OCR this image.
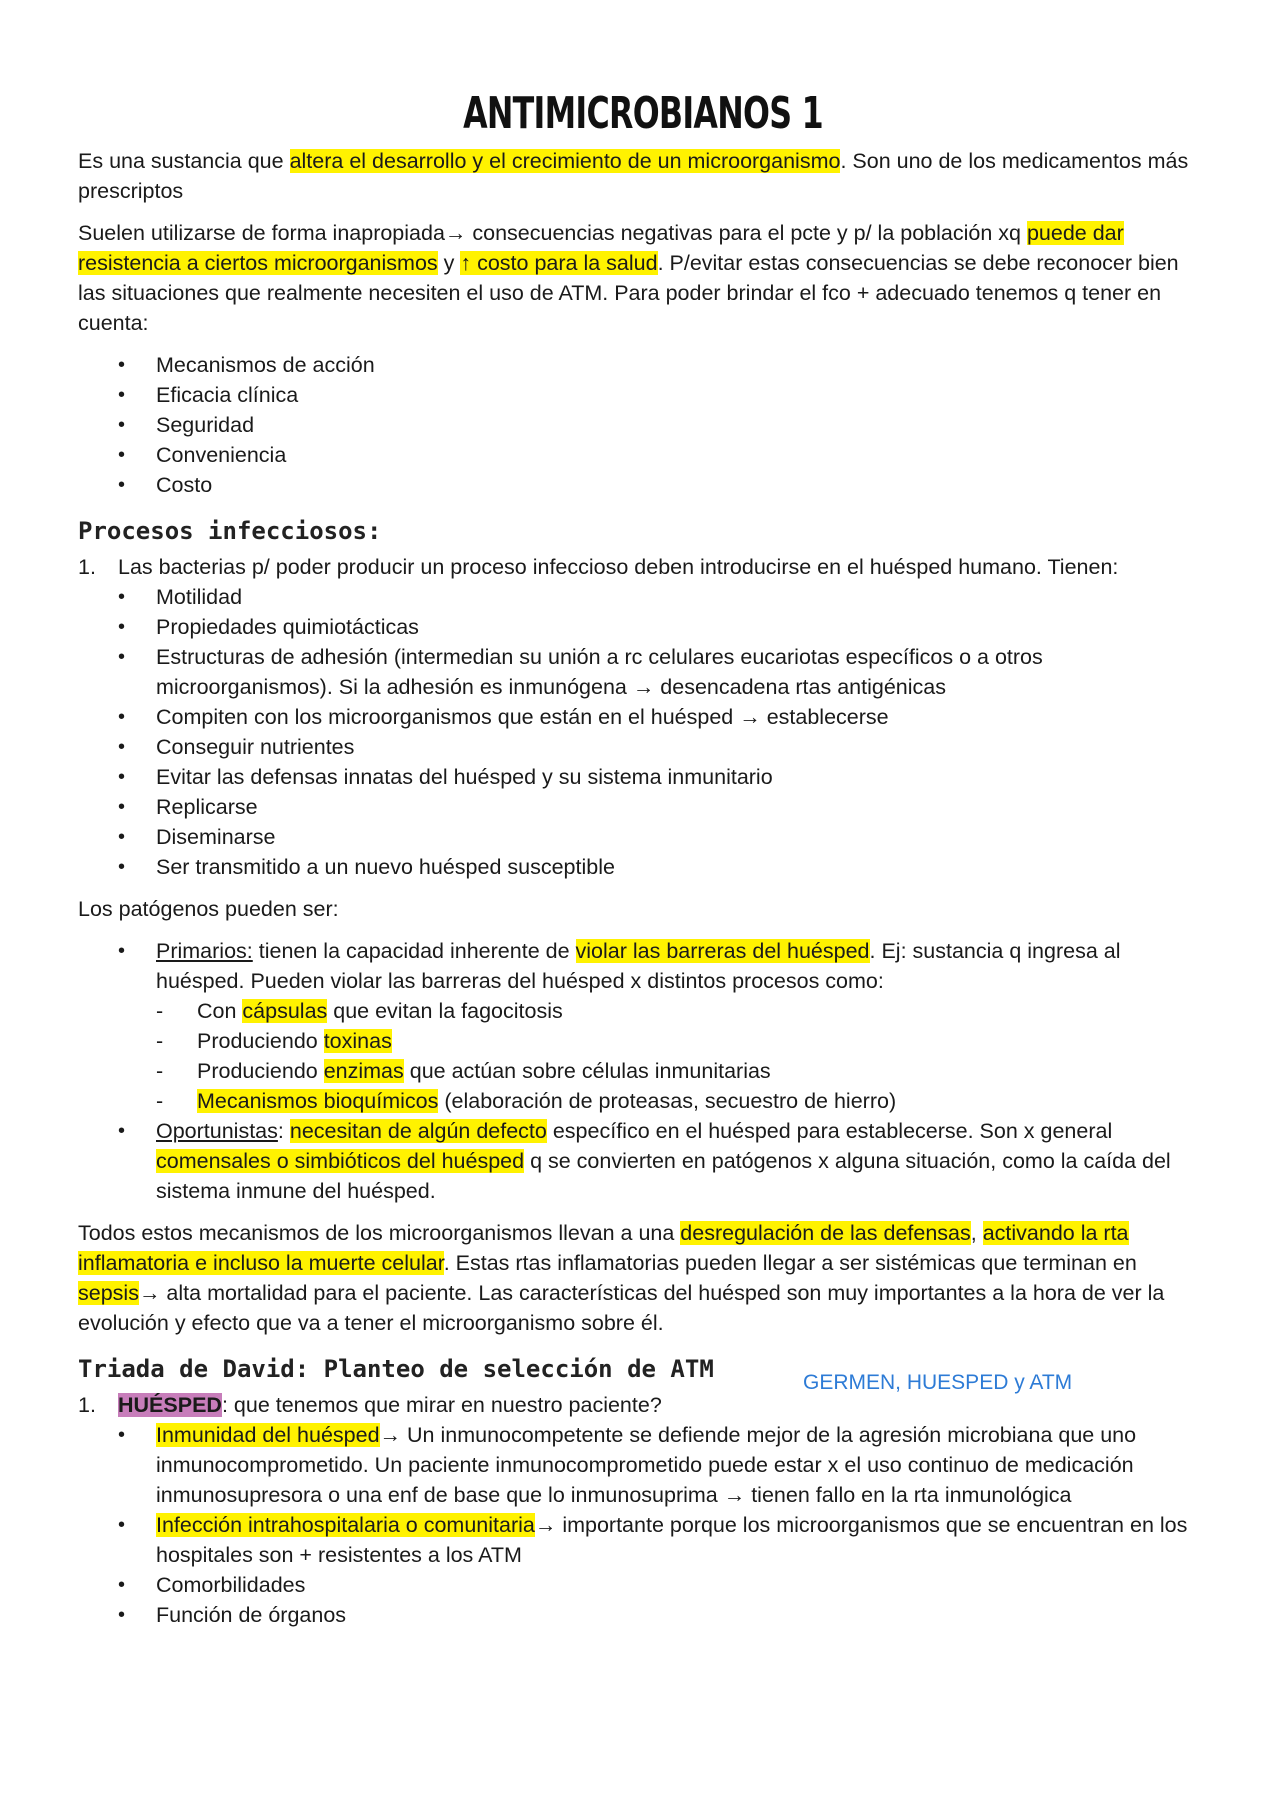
ANTIMICROBIANOS 1

Es una sustancia que altera el desarrollo y el crecimiento de un microorganismo. Son uno de los medicamentos más prescriptos

Suelen utilizarse de forma inapropiada→ consecuencias negativas para el pcte y p/ la población xq puede dar resistencia a ciertos microorganismos y ↑ costo para la salud. P/evitar estas consecuencias se debe reconocer bien las situaciones que realmente necesiten el uso de ATM. Para poder brindar el fco + adecuado tenemos q tener en cuenta:

• Mecanismos de acción
• Eficacia clínica
• Seguridad
• Conveniencia
• Costo
Procesos infecciosos:
1. Las bacterias p/ poder producir un proceso infeccioso deben introducirse en el huésped humano. Tienen:
• Motilidad
• Propiedades quimiotácticas
• Estructuras de adhesión (intermedian su unión a rc celulares eucariotas específicos o a otros microorganismos). Si la adhesión es inmunógena → desencadena rtas antigénicas
• Compiten con los microorganismos que están en el huésped → establecerse
• Conseguir nutrientes
• Evitar las defensas innatas del huésped y su sistema inmunitario
• Replicarse
• Diseminarse
• Ser transmitido a un nuevo huésped susceptible

Los patógenos pueden ser:

• Primarios: tienen la capacidad inherente de violar las barreras del huésped. Ej: sustancia q ingresa al huésped. Pueden violar las barreras del huésped x distintos procesos como:
- Con cápsulas que evitan la fagocitosis
- Produciendo toxinas
- Produciendo enzimas que actúan sobre células inmunitarias
- Mecanismos bioquímicos (elaboración de proteasas, secuestro de hierro)
• Oportunistas: necesitan de algún defecto específico en el huésped para establecerse. Son x general comensales o simbióticos del huésped q se convierten en patógenos x alguna situación, como la caída del sistema inmune del huésped.

Todos estos mecanismos de los microorganismos llevan a una desregulación de las defensas, activando la rta inflamatoria e incluso la muerte celular. Estas rtas inflamatorias pueden llegar a ser sistémicas que terminan en sepsis→ alta mortalidad para el paciente. Las características del huésped son muy importantes a la hora de ver la evolución y efecto que va a tener el microorganismo sobre él.

Triada de David: Planteo de selección de ATM	GERMEN, HUESPED y ATM
1. HUÉSPED: que tenemos que mirar en nuestro paciente?
• Inmunidad del huésped→ Un inmunocompetente se defiende mejor de la agresión microbiana que uno inmunocomprometido. Un paciente inmunocomprometido puede estar x el uso continuo de medicación inmunosupresora o una enf de base que lo inmunosuprima → tienen fallo en la rta inmunológica
• Infección intrahospitalaria o comunitaria→ importante porque los microorganismos que se encuentran en los hospitales son + resistentes a los ATM
• Comorbilidades
• Función de órganos
